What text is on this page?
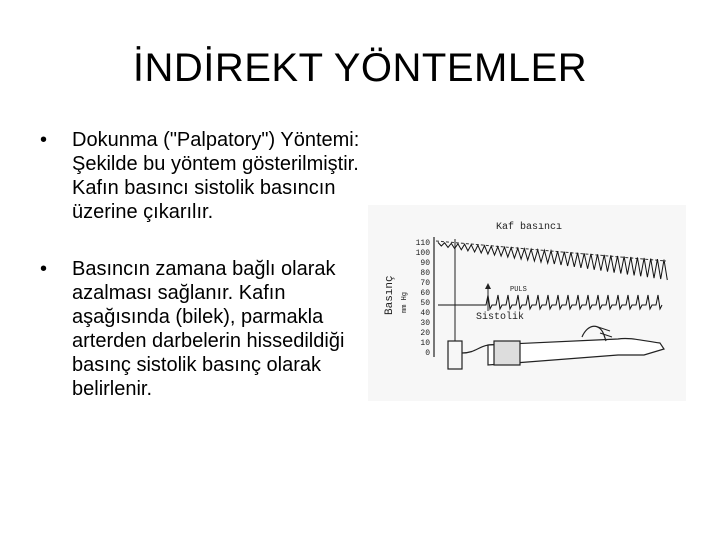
İNDİREKT YÖNTEMLER
• Dokunma ("Palpatory") Yöntemi: Şekilde bu yöntem gösterilmiştir. Kafın basıncı sistolik basıncın üzerine çıkarılır.
• Basıncın zamana bağlı olarak azalması sağlanır. Kafın aşağısında (bilek), parmakla arterden darbelerin hissedildiği basınç sistolik basınç olarak belirlenir.
Basınç mm Hg
110
100
90
80
70
60
50
40
30
20
10
0
Kaf basıncı
PULS
Sistolik
